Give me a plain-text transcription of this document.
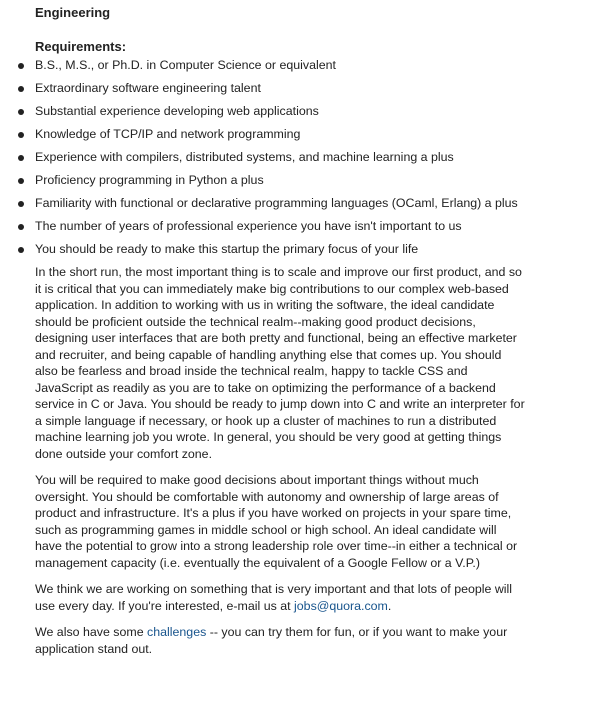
Engineering
Requirements:
B.S., M.S., or Ph.D. in Computer Science or equivalent
Extraordinary software engineering talent
Substantial experience developing web applications
Knowledge of TCP/IP and network programming
Experience with compilers, distributed systems, and machine learning a plus
Proficiency programming in Python a plus
Familiarity with functional or declarative programming languages (OCaml, Erlang) a plus
The number of years of professional experience you have isn't important to us
You should be ready to make this startup the primary focus of your life

In the short run, the most important thing is to scale and improve our first product, and so it is critical that you can immediately make big contributions to our complex web-based application. In addition to working with us in writing the software, the ideal candidate should be proficient outside the technical realm--making good product decisions, designing user interfaces that are both pretty and functional, being an effective marketer and recruiter, and being capable of handling anything else that comes up. You should also be fearless and broad inside the technical realm, happy to tackle CSS and JavaScript as readily as you are to take on optimizing the performance of a backend service in C or Java. You should be ready to jump down into C and write an interpreter for a simple language if necessary, or hook up a cluster of machines to run a distributed machine learning job you wrote. In general, you should be very good at getting things done outside your comfort zone.

You will be required to make good decisions about important things without much oversight. You should be comfortable with autonomy and ownership of large areas of product and infrastructure. It's a plus if you have worked on projects in your spare time, such as programming games in middle school or high school. An ideal candidate will have the potential to grow into a strong leadership role over time--in either a technical or management capacity (i.e. eventually the equivalent of a Google Fellow or a V.P.)

We think we are working on something that is very important and that lots of people will use every day. If you're interested, e-mail us at jobs@quora.com.

We also have some challenges -- you can try them for fun, or if you want to make your application stand out.
